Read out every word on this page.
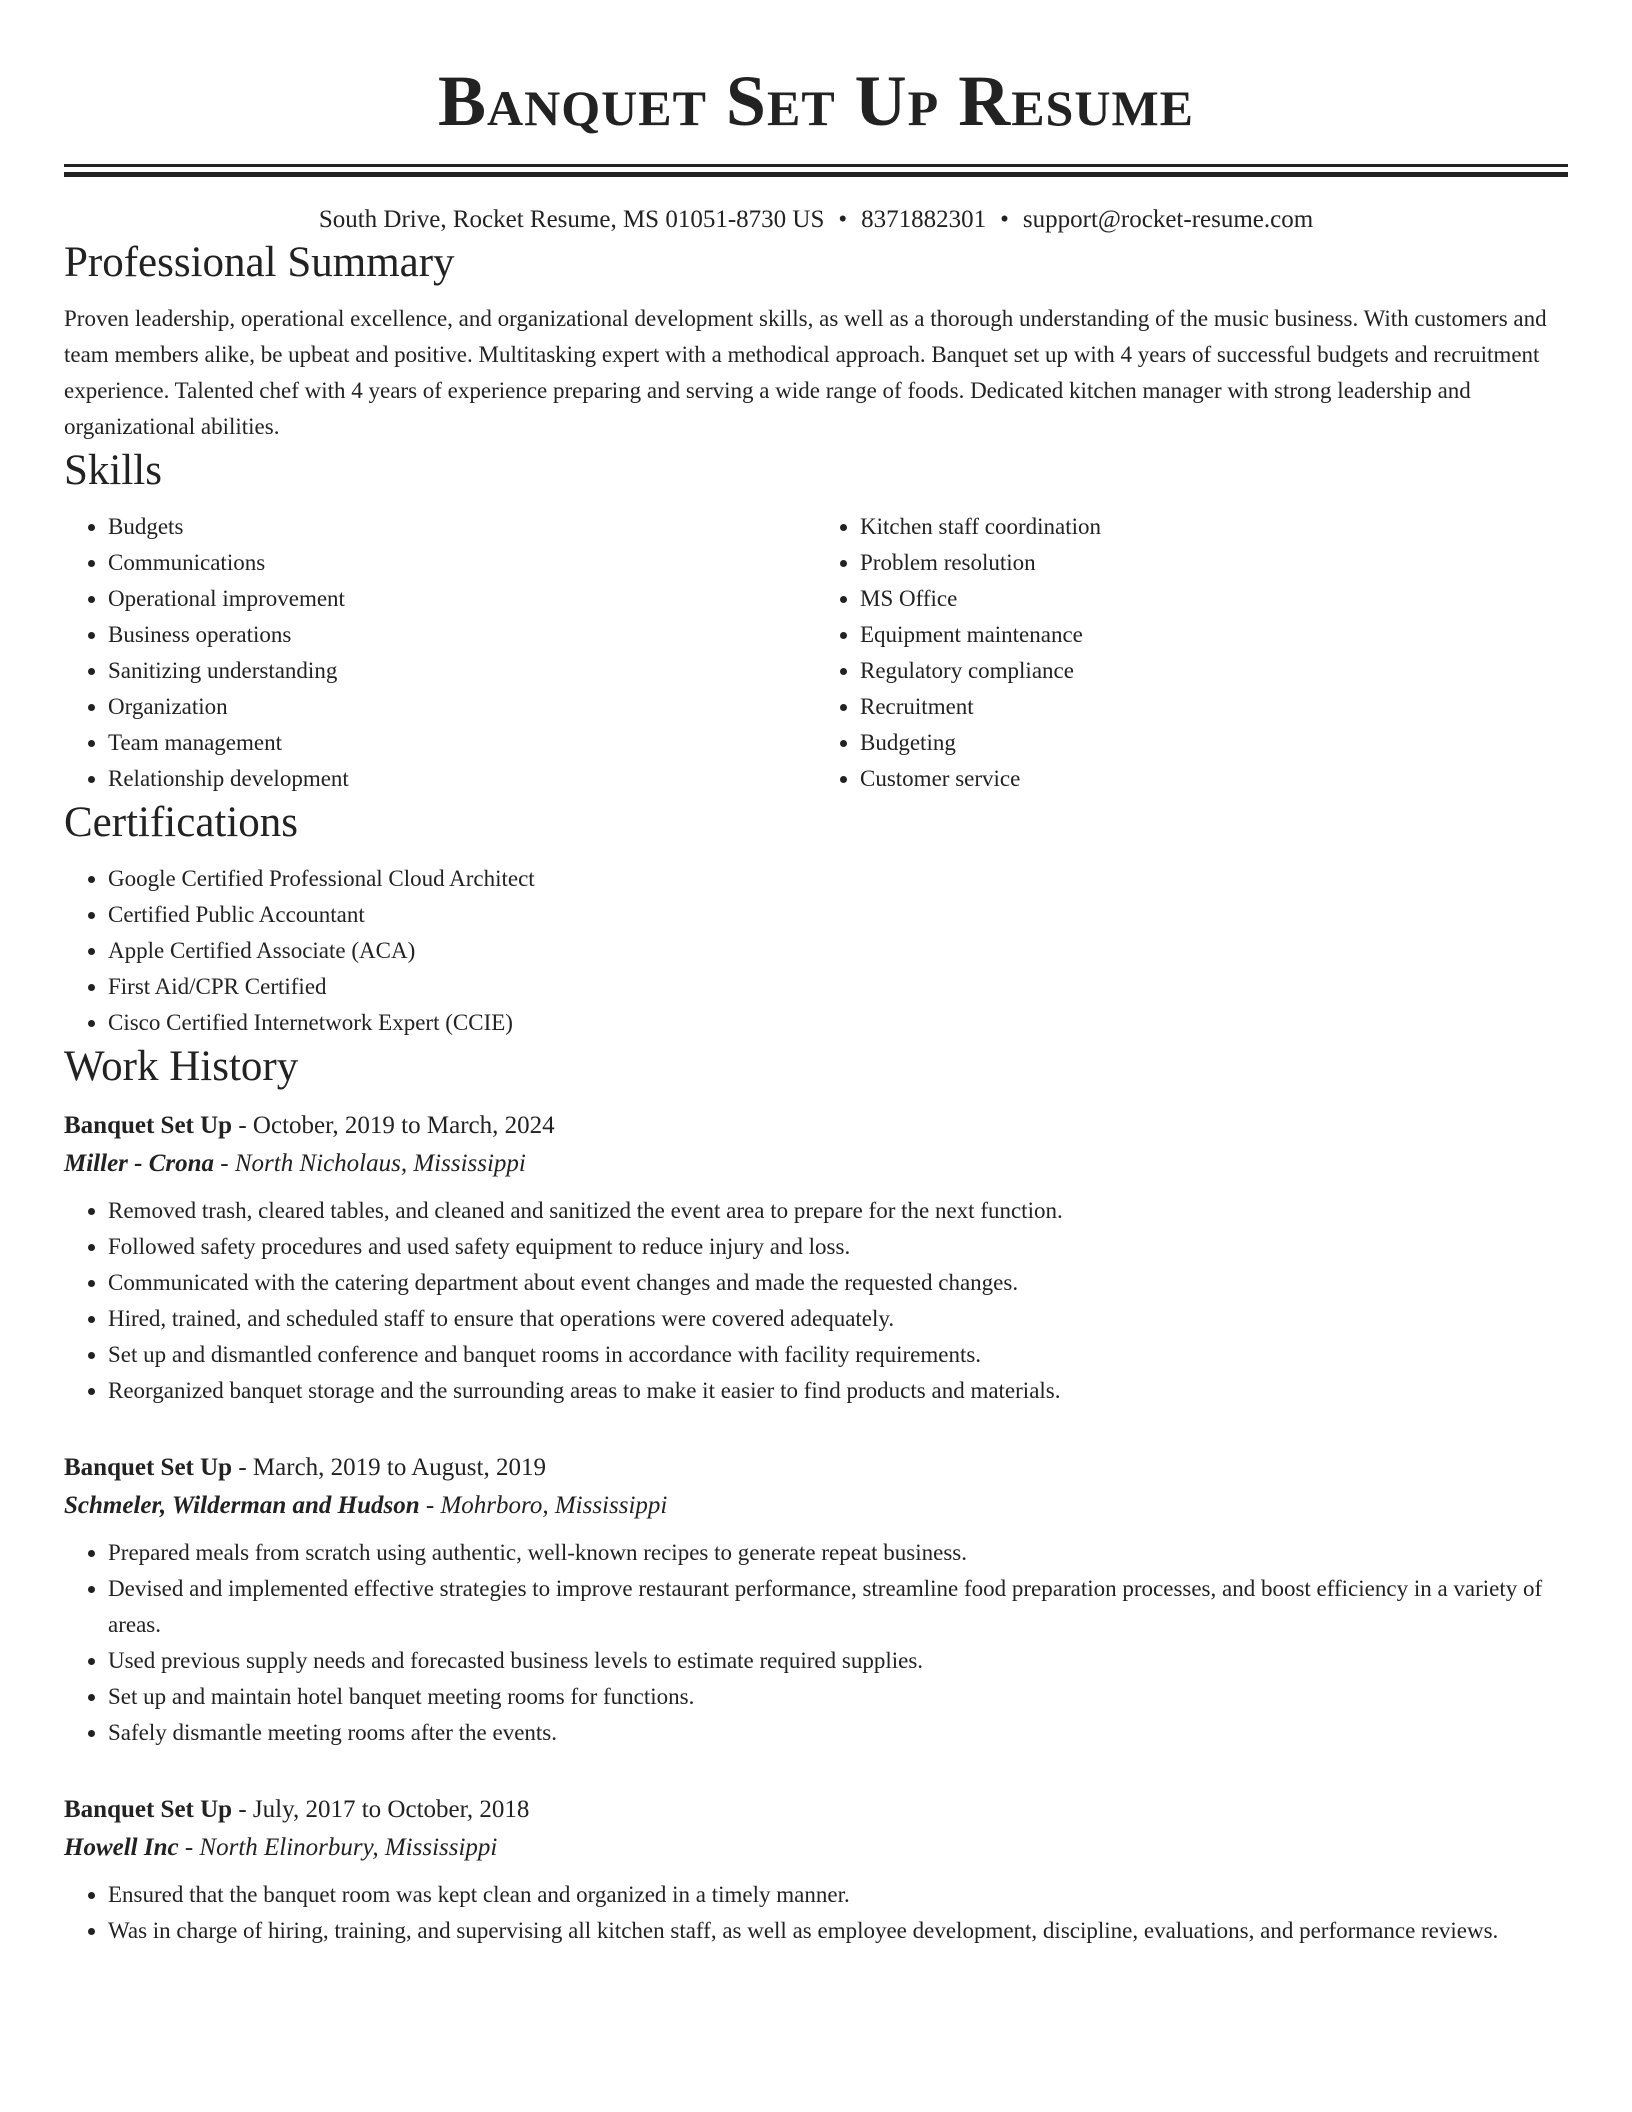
Banquet Set Up Resume
South Drive, Rocket Resume, MS 01051-8730 US • 8371882301 • support@rocket-resume.com
Professional Summary

Proven leadership, operational excellence, and organizational development skills, as well as a thorough understanding of the music business. With customers and team members alike, be upbeat and positive. Multitasking expert with a methodical approach. Banquet set up with 4 years of successful budgets and recruitment experience. Talented chef with 4 years of experience preparing and serving a wide range of foods. Dedicated kitchen manager with strong leadership and organizational abilities.

Skills
• Budgets
• Communications
• Operational improvement
• Business operations
• Sanitizing understanding
• Organization
• Team management
• Relationship development
• Kitchen staff coordination
• Problem resolution
• MS Office
• Equipment maintenance
• Regulatory compliance
• Recruitment
• Budgeting
• Customer service
Certifications
• Google Certified Professional Cloud Architect
• Certified Public Accountant
• Apple Certified Associate (ACA)
• First Aid/CPR Certified
• Cisco Certified Internetwork Expert (CCIE)
Work History
Banquet Set Up - October, 2019 to March, 2024
Miller - Crona - North Nicholaus, Mississippi
• Removed trash, cleared tables, and cleaned and sanitized the event area to prepare for the next function.
• Followed safety procedures and used safety equipment to reduce injury and loss.
• Communicated with the catering department about event changes and made the requested changes.
• Hired, trained, and scheduled staff to ensure that operations were covered adequately.
• Set up and dismantled conference and banquet rooms in accordance with facility requirements.
• Reorganized banquet storage and the surrounding areas to make it easier to find products and materials.
Banquet Set Up - March, 2019 to August, 2019
Schmeler, Wilderman and Hudson - Mohrboro, Mississippi
• Prepared meals from scratch using authentic, well-known recipes to generate repeat business.
• Devised and implemented effective strategies to improve restaurant performance, streamline food preparation processes, and boost efficiency in a variety of areas.
• Used previous supply needs and forecasted business levels to estimate required supplies.
• Set up and maintain hotel banquet meeting rooms for functions.
• Safely dismantle meeting rooms after the events.
Banquet Set Up - July, 2017 to October, 2018
Howell Inc - North Elinorbury, Mississippi
• Ensured that the banquet room was kept clean and organized in a timely manner.
• Was in charge of hiring, training, and supervising all kitchen staff, as well as employee development, discipline, evaluations, and performance reviews.
